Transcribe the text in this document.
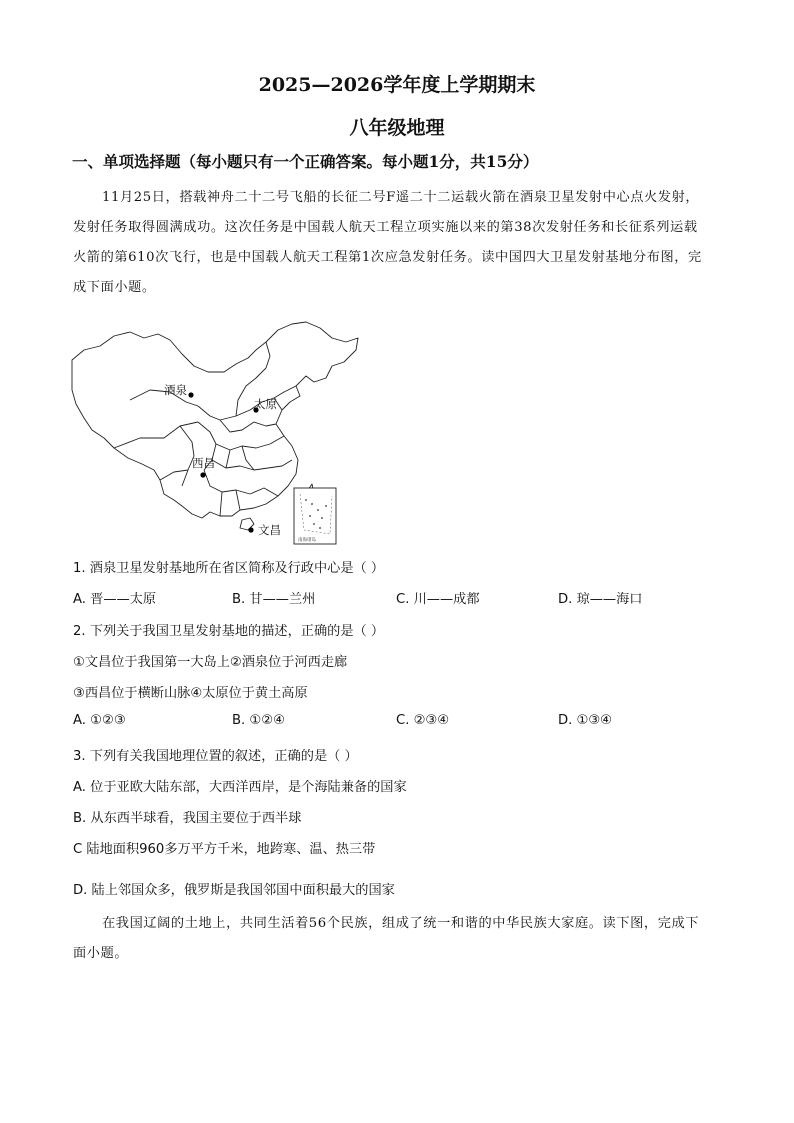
2025—2026学年度上学期期末
八年级地理
一、单项选择题（每小题只有一个正确答案。每小题1分，共15分）
11月25日，搭载神舟二十二号飞船的长征二号F遥二十二运载火箭在酒泉卫星发射中心点火发射，
发射任务取得圆满成功。这次任务是中国载人航天工程立项实施以来的第38次发射任务和长征系列运载
火箭的第610次飞行，也是中国载人航天工程第1次应急发射任务。读中国四大卫星发射基地分布图，完
成下面小题。
南海诸岛
酒泉
太原
西昌
文昌
1. 酒泉卫星发射基地所在省区简称及行政中心是（ ）
A. 晋——太原	B. 甘——兰州	C. 川——成都	D. 琼——海口
2. 下列关于我国卫星发射基地的描述，正确的是（ ）
①文昌位于我国第一大岛上②酒泉位于河西走廊
③西昌位于横断山脉④太原位于黄土高原
A. ①②③	B. ①②④	C. ②③④	D. ①③④
3. 下列有关我国地理位置的叙述，正确的是（ ）
A. 位于亚欧大陆东部，大西洋西岸，是个海陆兼备的国家
B. 从东西半球看，我国主要位于西半球
C 陆地面积960多万平方千米，地跨寒、温、热三带
D. 陆上邻国众多，俄罗斯是我国邻国中面积最大的国家
在我国辽阔的土地上，共同生活着56个民族，组成了统一和谐的中华民族大家庭。读下图，完成下
面小题。
